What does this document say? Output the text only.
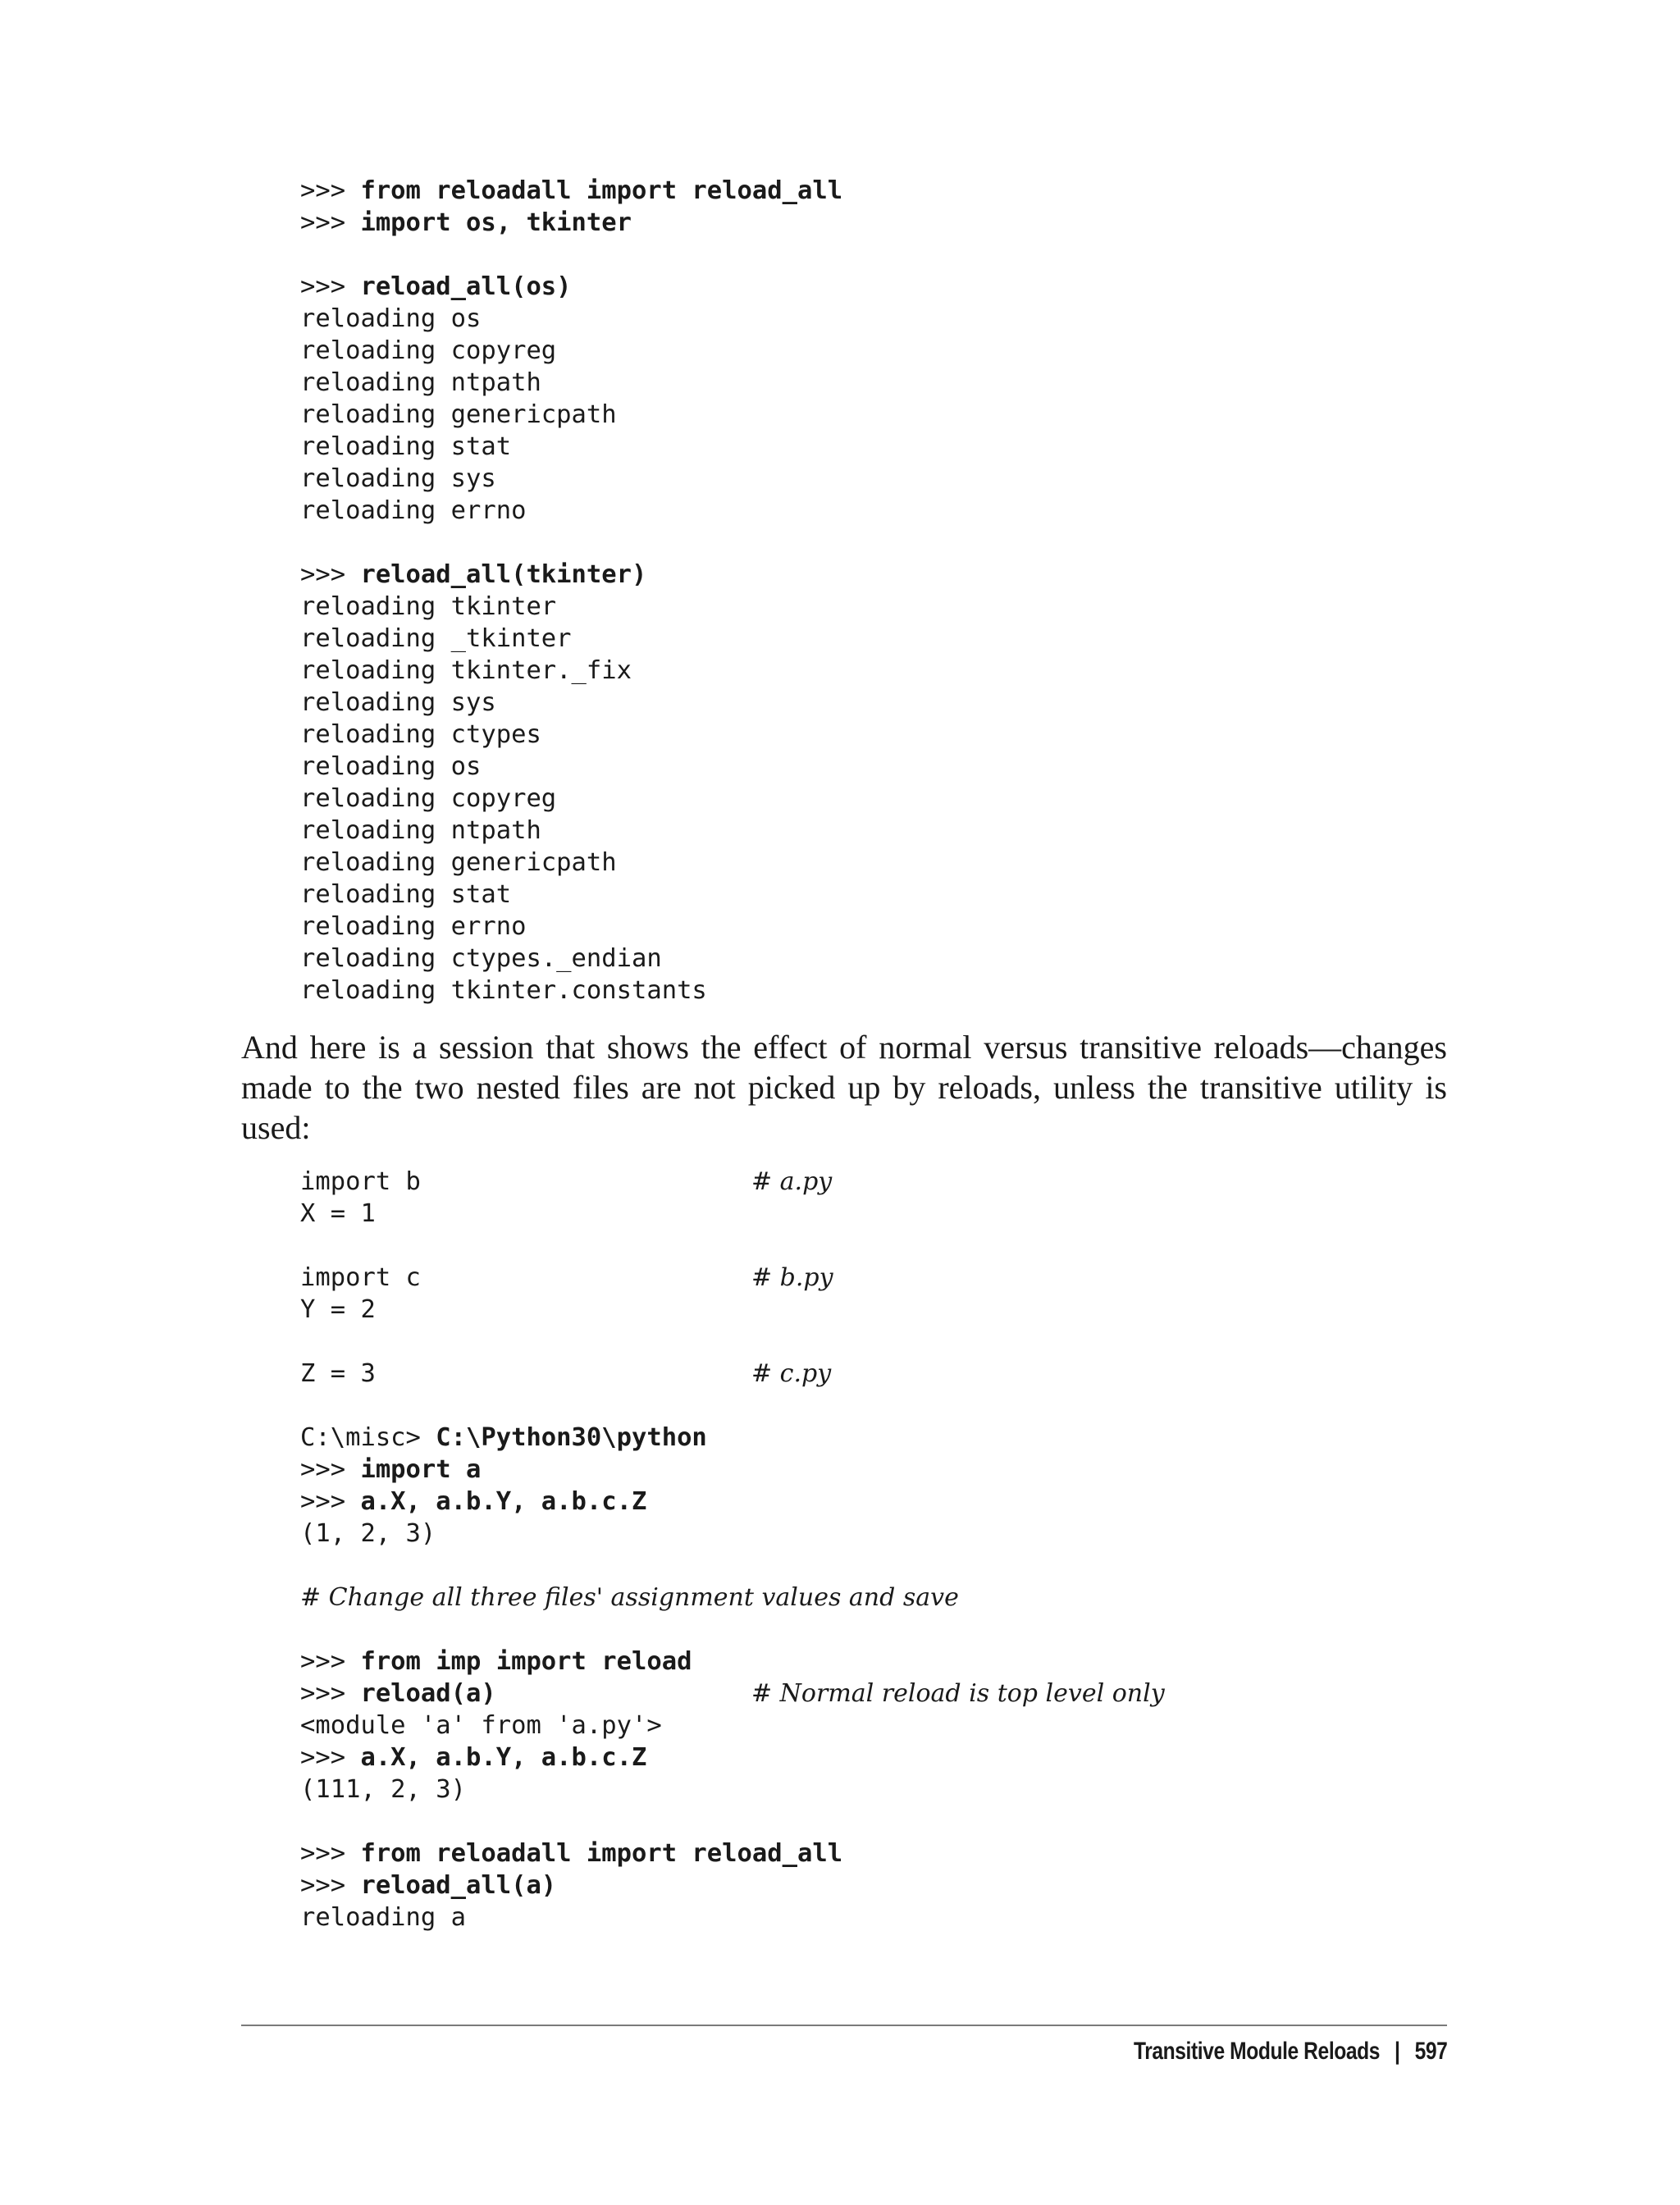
>>> from reloadall import reload_all
>>> import os, tkinter
>>> reload_all(os)
reloading os
reloading copyreg
reloading ntpath
reloading genericpath
reloading stat
reloading sys
reloading errno
>>> reload_all(tkinter)
reloading tkinter
reloading _tkinter
reloading tkinter._fix
reloading sys
reloading ctypes
reloading os
reloading copyreg
reloading ntpath
reloading genericpath
reloading stat
reloading errno
reloading ctypes._endian
reloading tkinter.constants

And here is a session that shows the effect of normal versus transitive reloads—changes made to the two nested files are not picked up by reloads, unless the transitive utility is used:

import b	# a.py
X = 1
import c	# b.py
Y = 2
Z = 3	# c.py
C:\misc> C:\Python30\python
>>> import a
>>> a.X, a.b.Y, a.b.c.Z
(1, 2, 3)
# Change all three files' assignment values and save
>>> from imp import reload
>>> reload(a)	# Normal reload is top level only
<module 'a' from 'a.py'>
>>> a.X, a.b.Y, a.b.c.Z
(111, 2, 3)
>>> from reloadall import reload_all
>>> reload_all(a)
reloading a
Transitive Module Reloads | 597
